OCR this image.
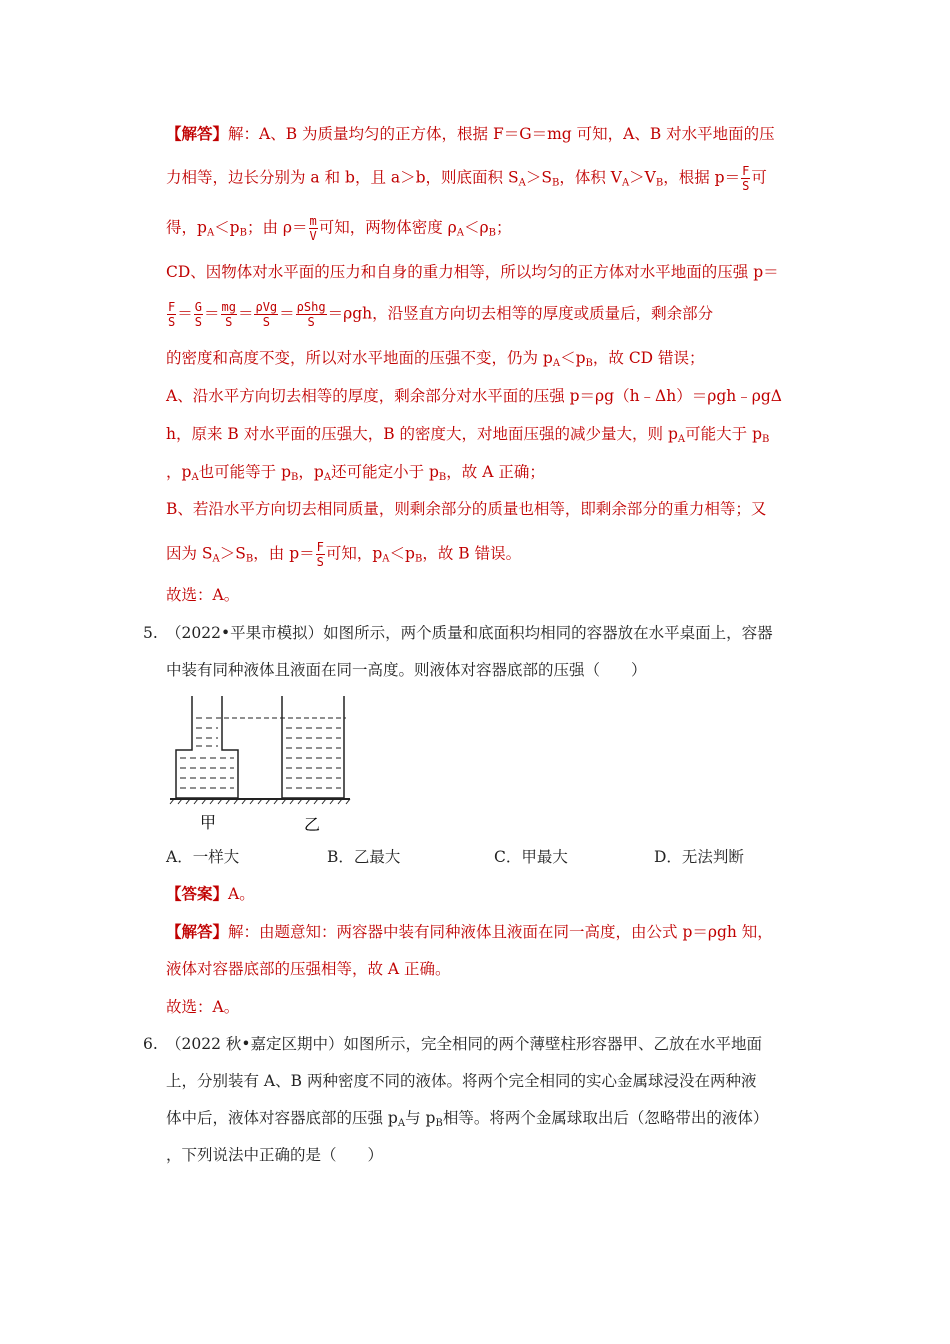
【解答】解：A、B 为质量均匀的正方体，根据 F＝G＝mg 可知，A、B 对水平地面的压
力相等，边长分别为 a 和 b，且 a＞b，则底面积 $S_A>S_B$，体积 $V_A>V_B$，根据 $p= \frac{F}{S}$ 可
得，$p_A<p_B$；由 $\rho= \frac{m}{V}$ 可知，两物体密度 $\rho_A<\rho_B$；
CD、因物体对水平面的压力和自身的重力相等，所以均匀的正方体对水平地面的压强 p＝
$\frac{F}{S} = \frac{G}{S} = \frac{mg}{S} = \frac{\text{ρVg}}{S} = \frac{\text{ρShg}}{S} =\rho gh$，沿竖直方向切去相等的厚度或质量后，剩余部分
的密度和高度不变，所以对水平地面的压强不变，仍为 $p_A<p_B$，故 CD 错误；
A、沿水平方向切去相等的厚度，剩余部分对水平面的压强 p＝ρg（h﹣Δh）＝ρgh﹣ρgΔ
h，原来 B 对水平面的压强大，B 的密度大，对地面压强的减少量大，则 $p_A$可能大于 $p_B$
，$p_A$也可能等于 $p_B$，$p_A$还可能定小于 $p_B$，故 A 正确；
B、若沿水平方向切去相同质量，则剩余部分的质量也相等，即剩余部分的重力相等；又
因为 $S_A>S_B$，由 $p= \frac{F}{S}$ 可知，$p_A<p_B$，故 B 错误。
故选：A。
5. （2022•平果市模拟）如图所示，两个质量和底面积均相同的容器放在水平桌面上，容器
中装有同种液体且液面在同一高度。则液体对容器底部的压强（　　）
甲	乙
A．一样大	B．乙最大	C．甲最大	D．无法判断
【答案】A。
【解答】解：由题意知：两容器中装有同种液体且液面在同一高度，由公式 p＝ρgh 知，
液体对容器底部的压强相等，故 A 正确。
故选：A。
6. （2022 秋•嘉定区期中）如图所示，完全相同的两个薄壁柱形容器甲、乙放在水平地面
上，分别装有 A、B 两种密度不同的液体。将两个完全相同的实心金属球浸没在两种液
体中后，液体对容器底部的压强 $p_A$与 $p_B$相等。将两个金属球取出后（忽略带出的液体）
，下列说法中正确的是（　　）
